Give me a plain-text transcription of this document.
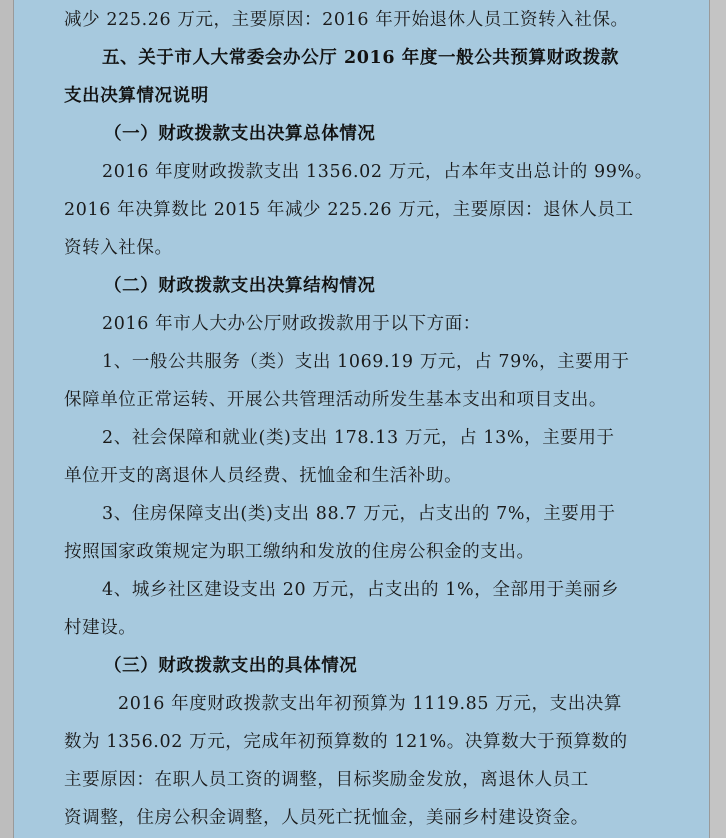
减少 225.26 万元，主要原因：2016 年开始退休人员工资转入社保。
五、关于市人大常委会办公厅 2016 年度一般公共预算财政拨款
支出决算情况说明
（一）财政拨款支出决算总体情况
2016 年度财政拨款支出 1356.02 万元，占本年支出总计的 99%。
2016 年决算数比 2015 年减少 225.26 万元，主要原因：退休人员工
资转入社保。
（二）财政拨款支出决算结构情况
2016 年市人大办公厅财政拨款用于以下方面：
1、一般公共服务（类）支出 1069.19 万元，占 79%，主要用于
保障单位正常运转、开展公共管理活动所发生基本支出和项目支出。
2、社会保障和就业(类)支出 178.13 万元，占 13%，主要用于
单位开支的离退休人员经费、抚恤金和生活补助。
3、住房保障支出(类)支出 88.7 万元，占支出的 7%，主要用于
按照国家政策规定为职工缴纳和发放的住房公积金的支出。
4、城乡社区建设支出 20 万元，占支出的 1%，全部用于美丽乡
村建设。
（三）财政拨款支出的具体情况
2016 年度财政拨款支出年初预算为 1119.85 万元，支出决算
数为 1356.02 万元，完成年初预算数的 121%。决算数大于预算数的
主要原因：在职人员工资的调整，目标奖励金发放，离退休人员工
资调整，住房公积金调整，人员死亡抚恤金，美丽乡村建设资金。
